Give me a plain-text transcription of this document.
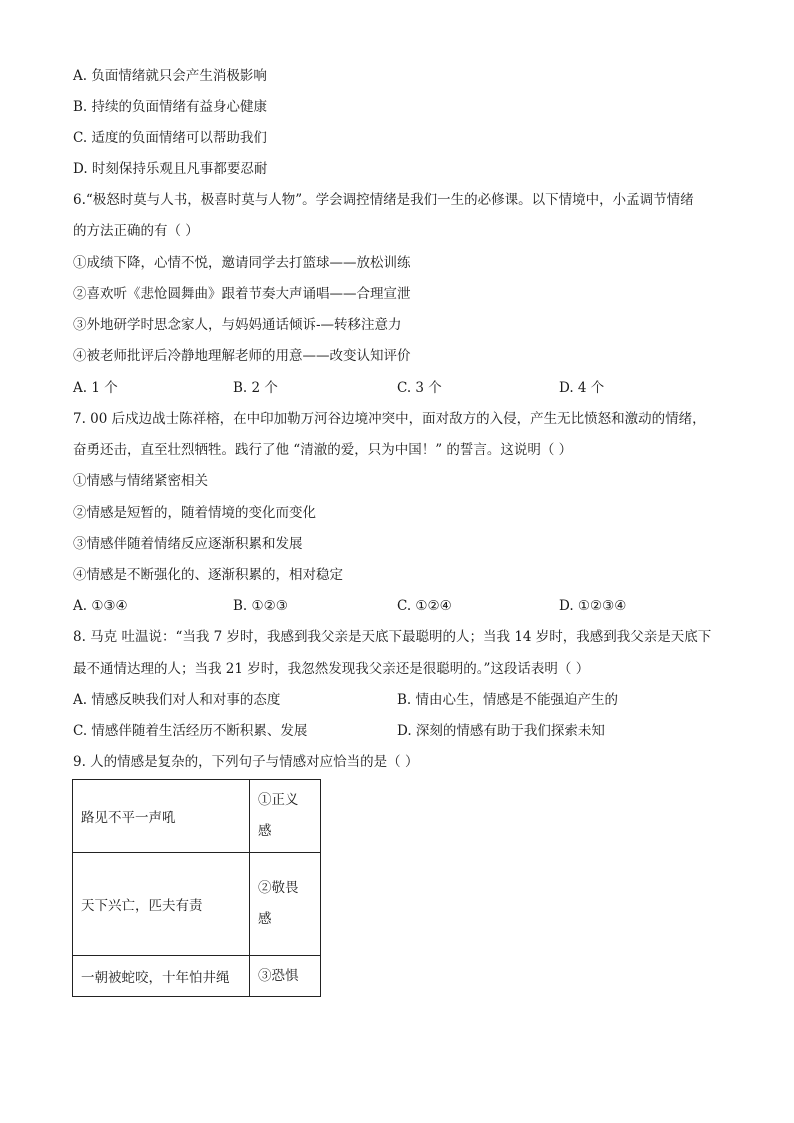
A. 负面情绪就只会产生消极影响
B. 持续的负面情绪有益身心健康
C. 适度的负面情绪可以帮助我们
D. 时刻保持乐观且凡事都要忍耐
6.“极怒时莫与人书，极喜时莫与人物”。学会调控情绪是我们一生的必修课。以下情境中，小孟调节情绪
的方法正确的有（ ）
①成绩下降，心情不悦，邀请同学去打篮球——放松训练
②喜欢听《悲怆圆舞曲》跟着节奏大声诵唱——合理宣泄
③外地研学时思念家人，与妈妈通话倾诉-—转移注意力
④被老师批评后冷静地理解老师的用意——改变认知评价
A. 1 个	B. 2 个	C. 3 个	D. 4 个
7. 00 后戍边战士陈祥榕，在中印加勒万河谷边境冲突中，面对敌方的入侵，产生无比愤怒和激动的情绪，
奋勇还击，直至壮烈牺牲。践行了他 “清澈的爱，只为中国！” 的誓言。这说明（ ）
①情感与情绪紧密相关
②情感是短暂的，随着情境的变化而变化
③情感伴随着情绪反应逐渐积累和发展
④情感是不断强化的、逐渐积累的，相对稳定
A. ①③④	B. ①②③	C. ①②④	D. ①②③④
8. 马克 吐温说：“当我 7 岁时，我感到我父亲是天底下最聪明的人；当我 14 岁时，我感到我父亲是天底下
最不通情达理的人；当我 21 岁时，我忽然发现我父亲还是很聪明的。”这段话表明（ ）
A. 情感反映我们对人和对事的态度	B. 情由心生，情感是不能强迫产生的
C. 情感伴随着生活经历不断积累、发展	D. 深刻的情感有助于我们探索未知
9. 人的情感是复杂的，下列句子与情感对应恰当的是（ ）
路见不平一声吼	①正义
感

天下兴亡，匹夫有责	②敬畏
感

一朝被蛇咬，十年怕井绳	③恐惧
